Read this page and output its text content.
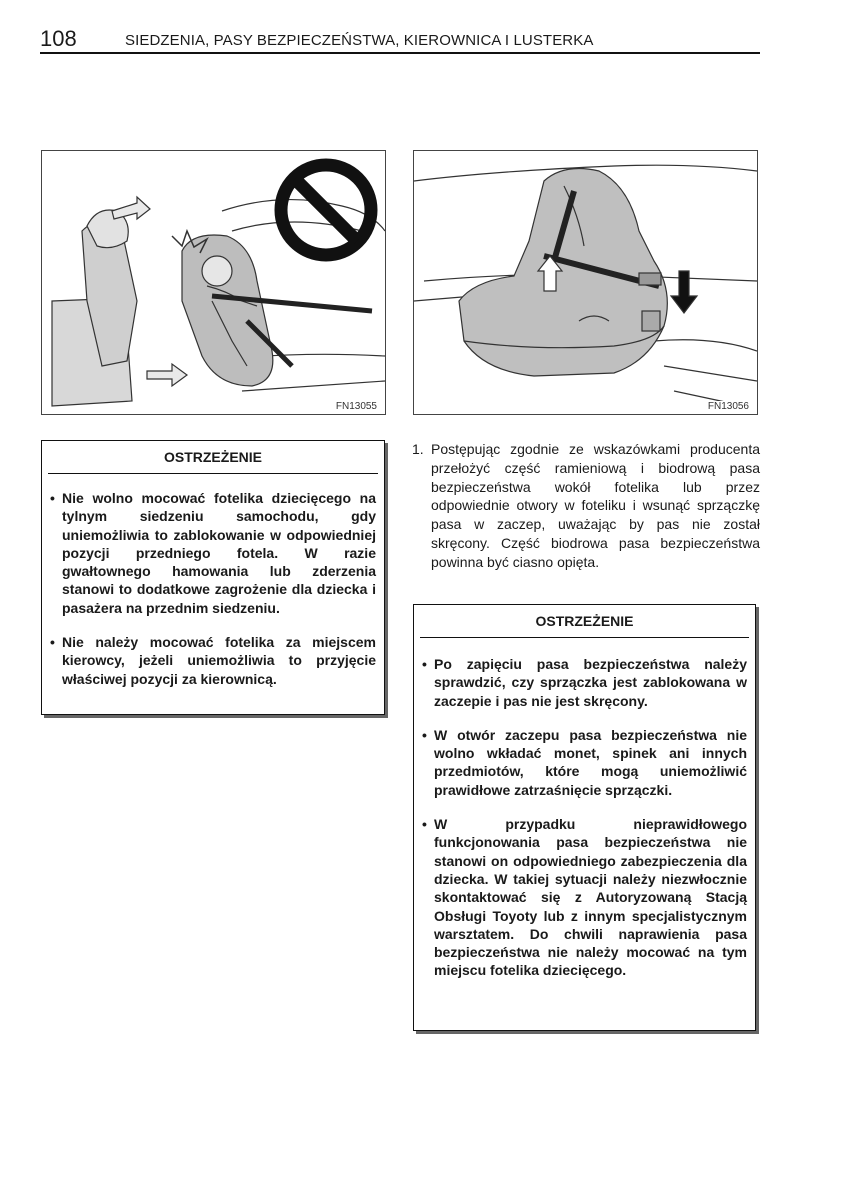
108	SIEDZENIA, PASY BEZPIECZEŃSTWA, KIEROWNICA I LUSTERKA
FN13055	FN13056
OSTRZEŻENIE
• Nie wolno mocować fotelika dziecięcego na tylnym siedzeniu samochodu, gdy uniemożliwia to zablokowanie w odpowiedniej pozycji przedniego fotela. W razie gwałtownego hamowania lub zderzenia stanowi to dodatkowe zagrożenie dla dziecka i pasażera na przednim siedzeniu.
• Nie należy mocować fotelika za miejscem kierowcy, jeżeli uniemożliwia to przyjęcie właściwej pozycji za kierownicą.
1. Postępując zgodnie ze wskazówkami producenta przełożyć część ramieniową i biodrową pasa bezpieczeństwa wokół fotelika lub przez odpowiednie otwory w foteliku i wsunąć sprzączkę pasa w zaczep, uważając by pas nie został skręcony. Część biodrowa pasa bezpieczeństwa powinna być ciasno opięta.
OSTRZEŻENIE
• Po zapięciu pasa bezpieczeństwa należy sprawdzić, czy sprzączka jest zablokowana w zaczepie i pas nie jest skręcony.
• W otwór zaczepu pasa bezpieczeństwa nie wolno wkładać monet, spinek ani innych przedmiotów, które mogą uniemożliwić prawidłowe zatrzaśnięcie sprzączki.
• W przypadku nieprawidłowego funkcjonowania pasa bezpieczeństwa nie stanowi on odpowiedniego zabezpieczenia dla dziecka. W takiej sytuacji należy niezwłocznie skontaktować się z Autoryzowaną Stacją Obsługi Toyoty lub z innym specjalistycznym warsztatem. Do chwili naprawienia pasa bezpieczeństwa nie należy mocować na tym miejscu fotelika dziecięcego.
